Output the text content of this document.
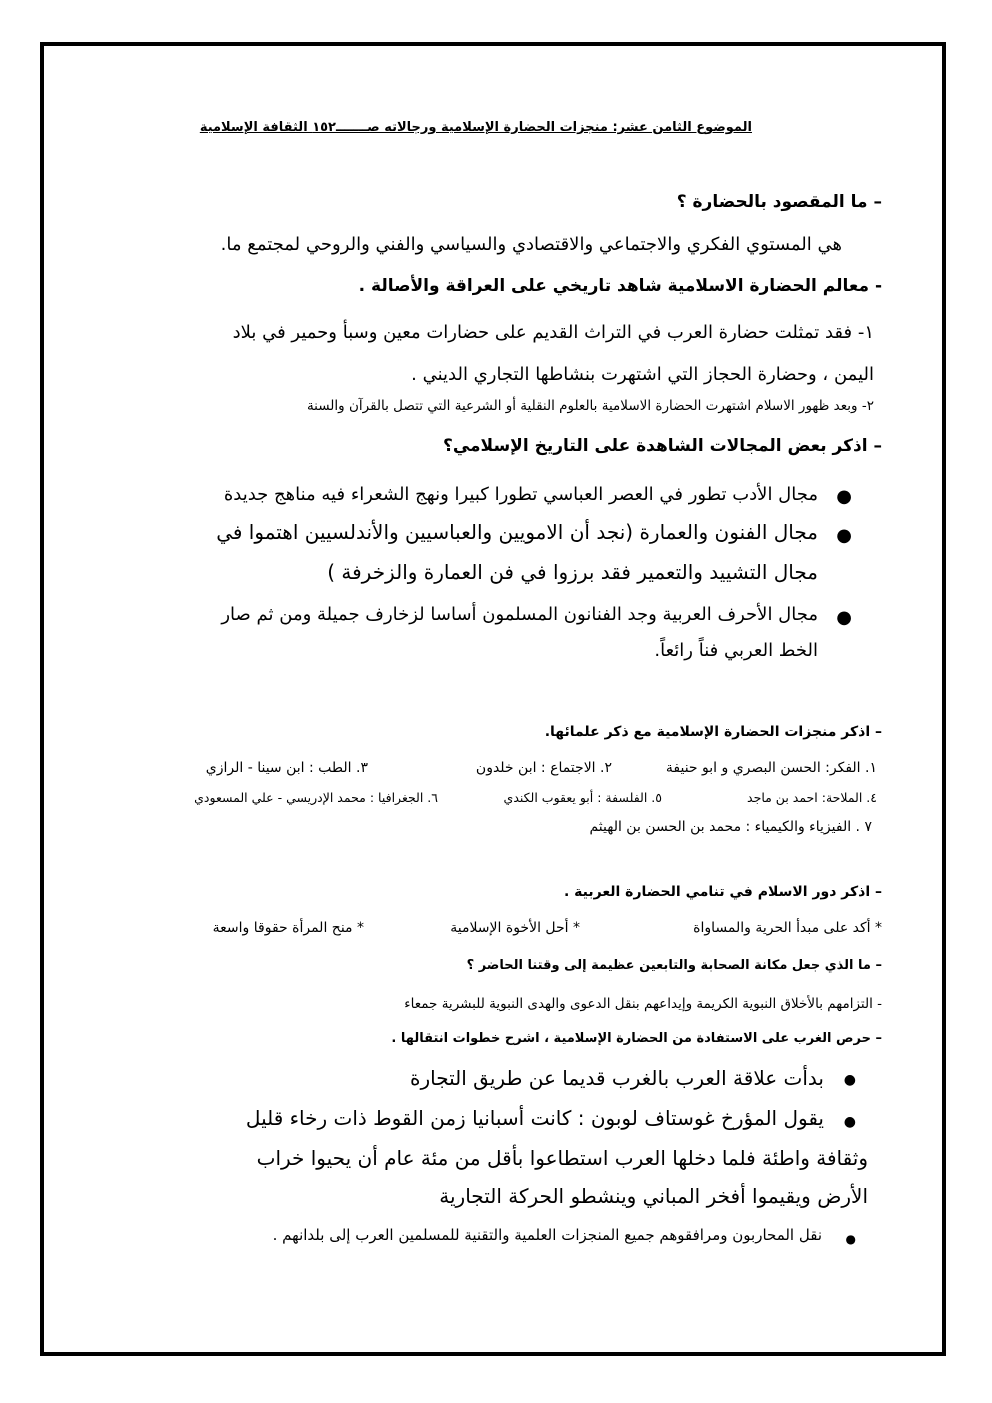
الموضوع الثامن عشر: منجزات الحضارة الإسلامية ورجالاته صـــــــ١٥٢ الثقافة الإسلامية
– ما المقصود بالحضارة ؟
هي المستوي الفكري والاجتماعي والاقتصادي والسياسي والفني والروحي لمجتمع ما.
- معالم الحضارة الاسلامية شاهد تاريخي على العراقة والأصالة .
١- فقد تمثلت حضارة العرب في التراث القديم على حضارات معين وسبأ وحمير في بلاد
اليمن ، وحضارة الحجاز التي اشتهرت بنشاطها التجاري الديني .
٢- وبعد ظهور الاسلام اشتهرت الحضارة الاسلامية بالعلوم النقلية أو الشرعية التي تتصل بالقرآن والسنة
– اذكر بعض المجالات الشاهدة على التاريخ الإسلامي؟
●
مجال الأدب تطور في العصر العباسي تطورا كبيرا ونهج الشعراء فيه مناهج جديدة
●
مجال الفنون والعمارة (نجد أن الامويين والعباسيين والأندلسيين اهتموا في
مجال التشييد والتعمير فقد برزوا في فن العمارة والزخرفة )
●
مجال الأحرف العربية وجد الفنانون المسلمون أساسا لزخارف جميلة ومن ثم صار
الخط العربي فناً رائعاً.
– اذكر منجزات الحضارة الإسلامية مع ذكر علمائها.
١. الفكر: الحسن البصري و ابو حنيفة
٢. الاجتماع : ابن خلدون
٣. الطب : ابن سينا - الرازي
٤. الملاحة: احمد بن ماجد
٥. الفلسفة : أبو يعقوب الكندي
٦. الجغرافيا : محمد الإدريسي - علي المسعودي
٧ . الفيزياء والكيمياء : محمد بن الحسن بن الهيثم
– اذكر دور الاسلام في تنامي الحضارة العربية .
* أكد على مبدأ الحرية والمساواة
* أحل الأخوة الإسلامية
* منح المرأة حقوقا واسعة
– ما الذي جعل مكانة الصحابة والتابعين عظيمة إلى وقتنا الحاضر ؟
- التزامهم بالأخلاق النبوية الكريمة وإيداعهم بنقل الدعوى والهدى النبوية للبشرية جمعاء
– حرص الغرب على الاستفادة من الحضارة الإسلامية ، اشرح خطوات انتقالها .
●
بدأت علاقة العرب بالغرب قديما عن طريق التجارة
●
يقول المؤرخ غوستاف لوبون : كانت أسبانيا زمن القوط ذات رخاء قليل
وثقافة واطئة فلما دخلها العرب استطاعوا بأقل من مئة عام أن يحيوا خراب
الأرض ويقيموا أفخر المباني وينشطو الحركة التجارية
●
نقل المحاربون ومرافقوهم جميع المنجزات العلمية والتقنية للمسلمين العرب إلى بلدانهم .
